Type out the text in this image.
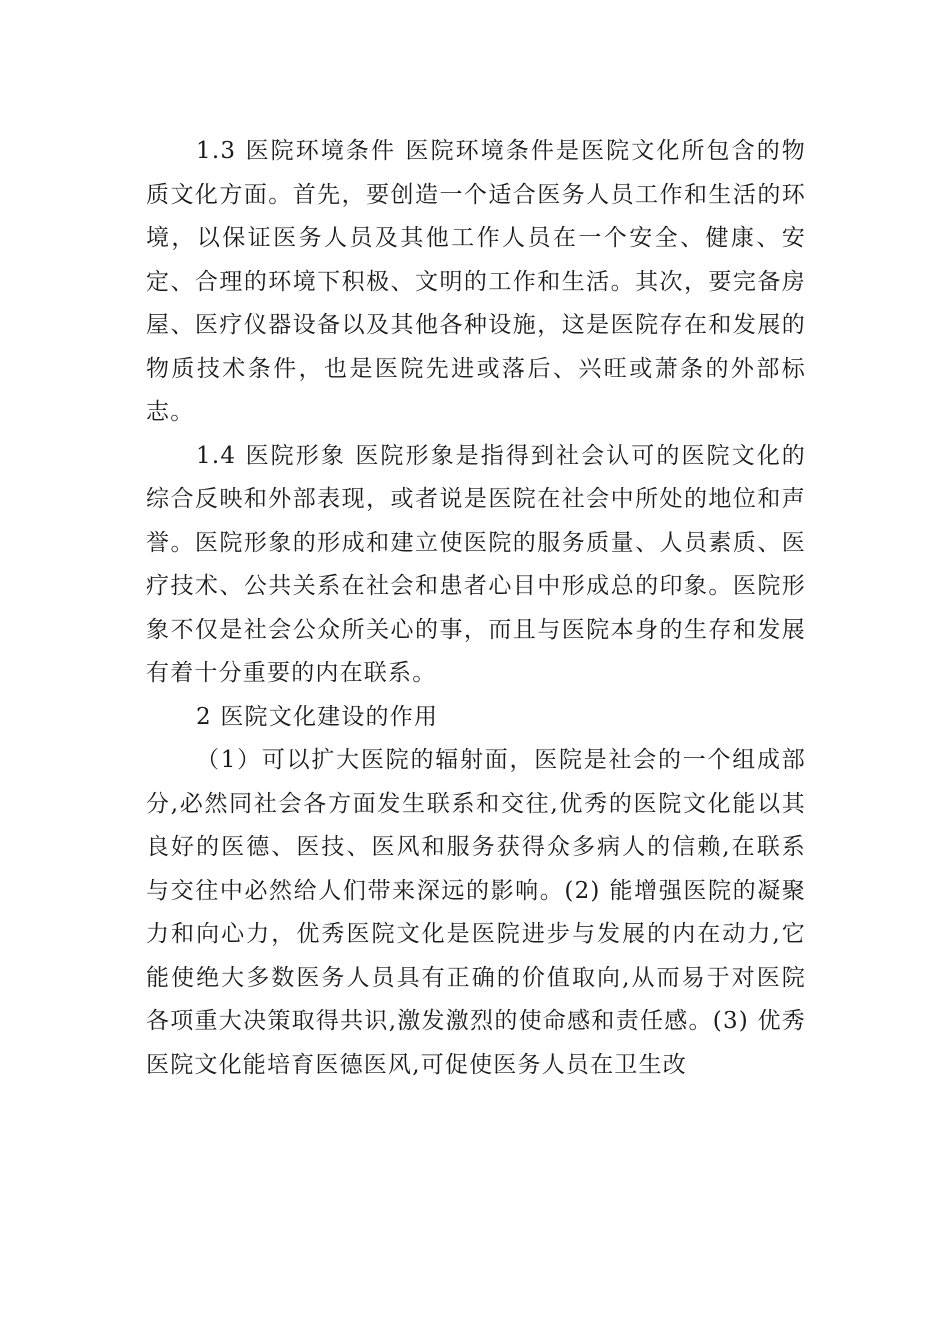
1.3 医院环境条件 医院环境条件是医院文化所包含的物质文化方面。首先，要创造一个适合医务人员工作和生活的环境，以保证医务人员及其他工作人员在一个安全、健康、安定、合理的环境下积极、文明的工作和生活。其次，要完备房屋、医疗仪器设备以及其他各种设施，这是医院存在和发展的物质技术条件，也是医院先进或落后、兴旺或萧条的外部标志。

1.4 医院形象 医院形象是指得到社会认可的医院文化的综合反映和外部表现，或者说是医院在社会中所处的地位和声誉。医院形象的形成和建立使医院的服务质量、人员素质、医疗技术、公共关系在社会和患者心目中形成总的印象。医院形象不仅是社会公众所关心的事，而且与医院本身的生存和发展有着十分重要的内在联系。

2 医院文化建设的作用

（1）可以扩大医院的辐射面，医院是社会的一个组成部分,必然同社会各方面发生联系和交往,优秀的医院文化能以其良好的医德、医技、医风和服务获得众多病人的信赖,在联系与交往中必然给人们带来深远的影响。(2) 能增强医院的凝聚力和向心力，优秀医院文化是医院进步与发展的内在动力,它能使绝大多数医务人员具有正确的价值取向,从而易于对医院各项重大决策取得共识,激发激烈的使命感和责任感。(3) 优秀医院文化能培育医德医风,可促使医务人员在卫生改
